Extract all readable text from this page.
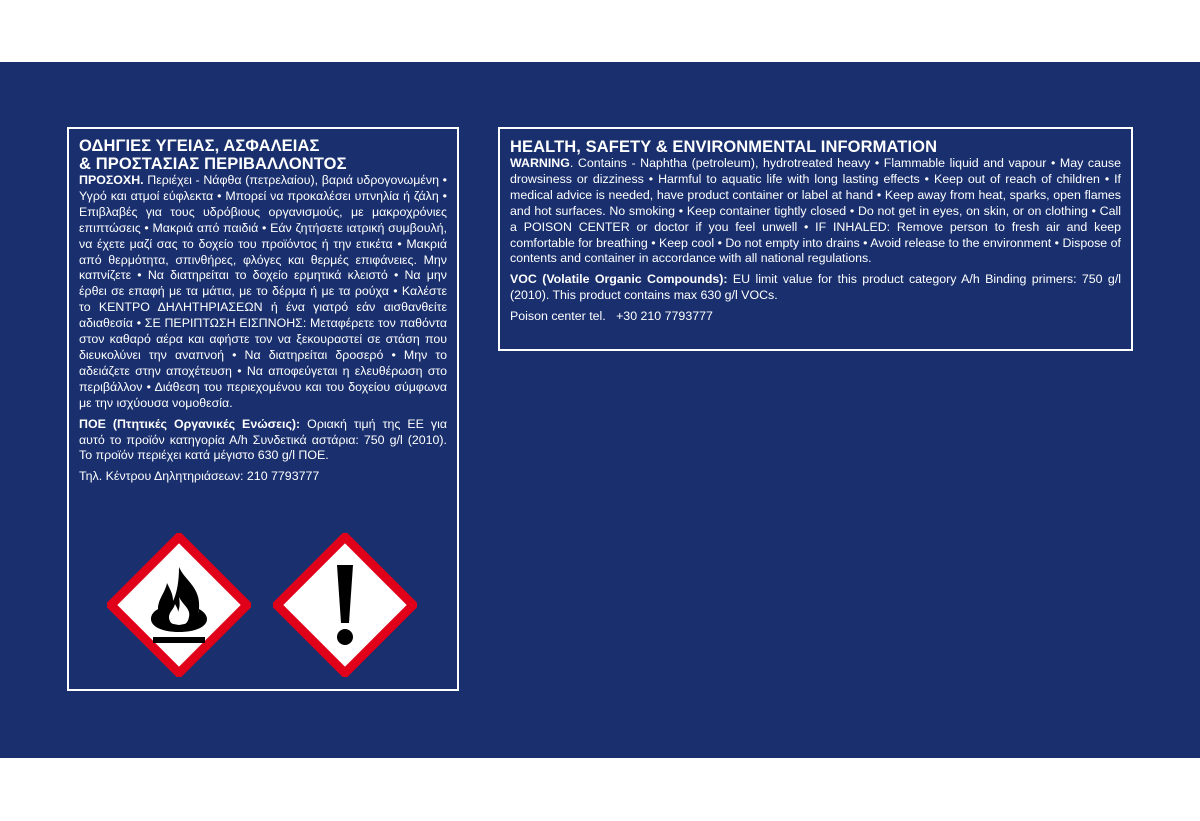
ΟΔΗΓΙΕΣ ΥΓΕΙΑΣ, ΑΣΦΑΛΕΙΑΣ
& ΠΡΟΣΤΑΣΙΑΣ ΠΕΡΙΒΑΛΛΟΝΤΟΣ

ΠΡΟΣΟΧΗ. Περιέχει - Νάφθα (πετρελαίου), βαριά υδρογονωμένη • Υγρό και ατμοί εύφλεκτα • Μπορεί να προκαλέσει υπνηλία ή ζάλη • Επιβλαβές για τους υδρόβιους οργανισμούς, με μακροχρόνιες επιπτώσεις • Μακριά από παιδιά • Εάν ζητήσετε ιατρική συμβουλή, να έχετε μαζί σας το δοχείο του προϊόντος ή την ετικέτα • Μακριά από θερμότητα, σπινθήρες, φλόγες και θερμές επιφάνειες. Μην καπνίζετε • Να διατηρείται το δοχείο ερμητικά κλειστό • Να μην έρθει σε επαφή με τα μάτια, με το δέρμα ή με τα ρούχα • Καλέστε το ΚΕΝΤΡΟ ΔΗΛΗΤΗΡΙΑΣΕΩΝ ή ένα γιατρό εάν αισθανθείτε αδιαθεσία • ΣΕ ΠΕΡΙΠΤΩΣΗ ΕΙΣΠΝΟΗΣ: Μεταφέρετε τον παθόντα στον καθαρό αέρα και αφήστε τον να ξεκουραστεί σε στάση που διευκολύνει την αναπνοή • Να διατηρείται δροσερό • Μην το αδειάζετε στην αποχέτευση • Να αποφεύγεται η ελευθέρωση στο περιβάλλον • Διάθεση του περιεχομένου και του δοχείου σύμφωνα με την ισχύουσα νομοθεσία.

ΠΟΕ (Πτητικές Οργανικές Ενώσεις): Οριακή τιμή της ΕΕ για αυτό το προϊόν κατηγορία Α/h Συνδετικά αστάρια: 750 g/l (2010). Το προϊόν περιέχει κατά μέγιστο 630 g/l ΠΟΕ.

Τηλ. Κέντρου Δηλητηριάσεων: 210 7793777

HEALTH, SAFETY & ENVIRONMENTAL INFORMATION

WARNING. Contains - Naphtha (petroleum), hydrotreated heavy • Flammable liquid and vapour • May cause drowsiness or dizziness • Harmful to aquatic life with long lasting effects • Keep out of reach of children • If medical advice is needed, have product container or label at hand • Keep away from heat, sparks, open flames and hot surfaces. No smoking • Keep container tightly closed • Do not get in eyes, on skin, or on clothing • Call a POISON CENTER or doctor if you feel unwell • IF INHALED: Remove person to fresh air and keep comfortable for breathing • Keep cool • Do not empty into drains • Avoid release to the environment • Dispose of contents and container in accordance with all national regulations.

VOC (Volatile Organic Compounds): EU limit value for this product category A/h Binding primers: 750 g/l (2010). This product contains max 630 g/l VOCs.

Poison center tel.   +30 210 7793777
